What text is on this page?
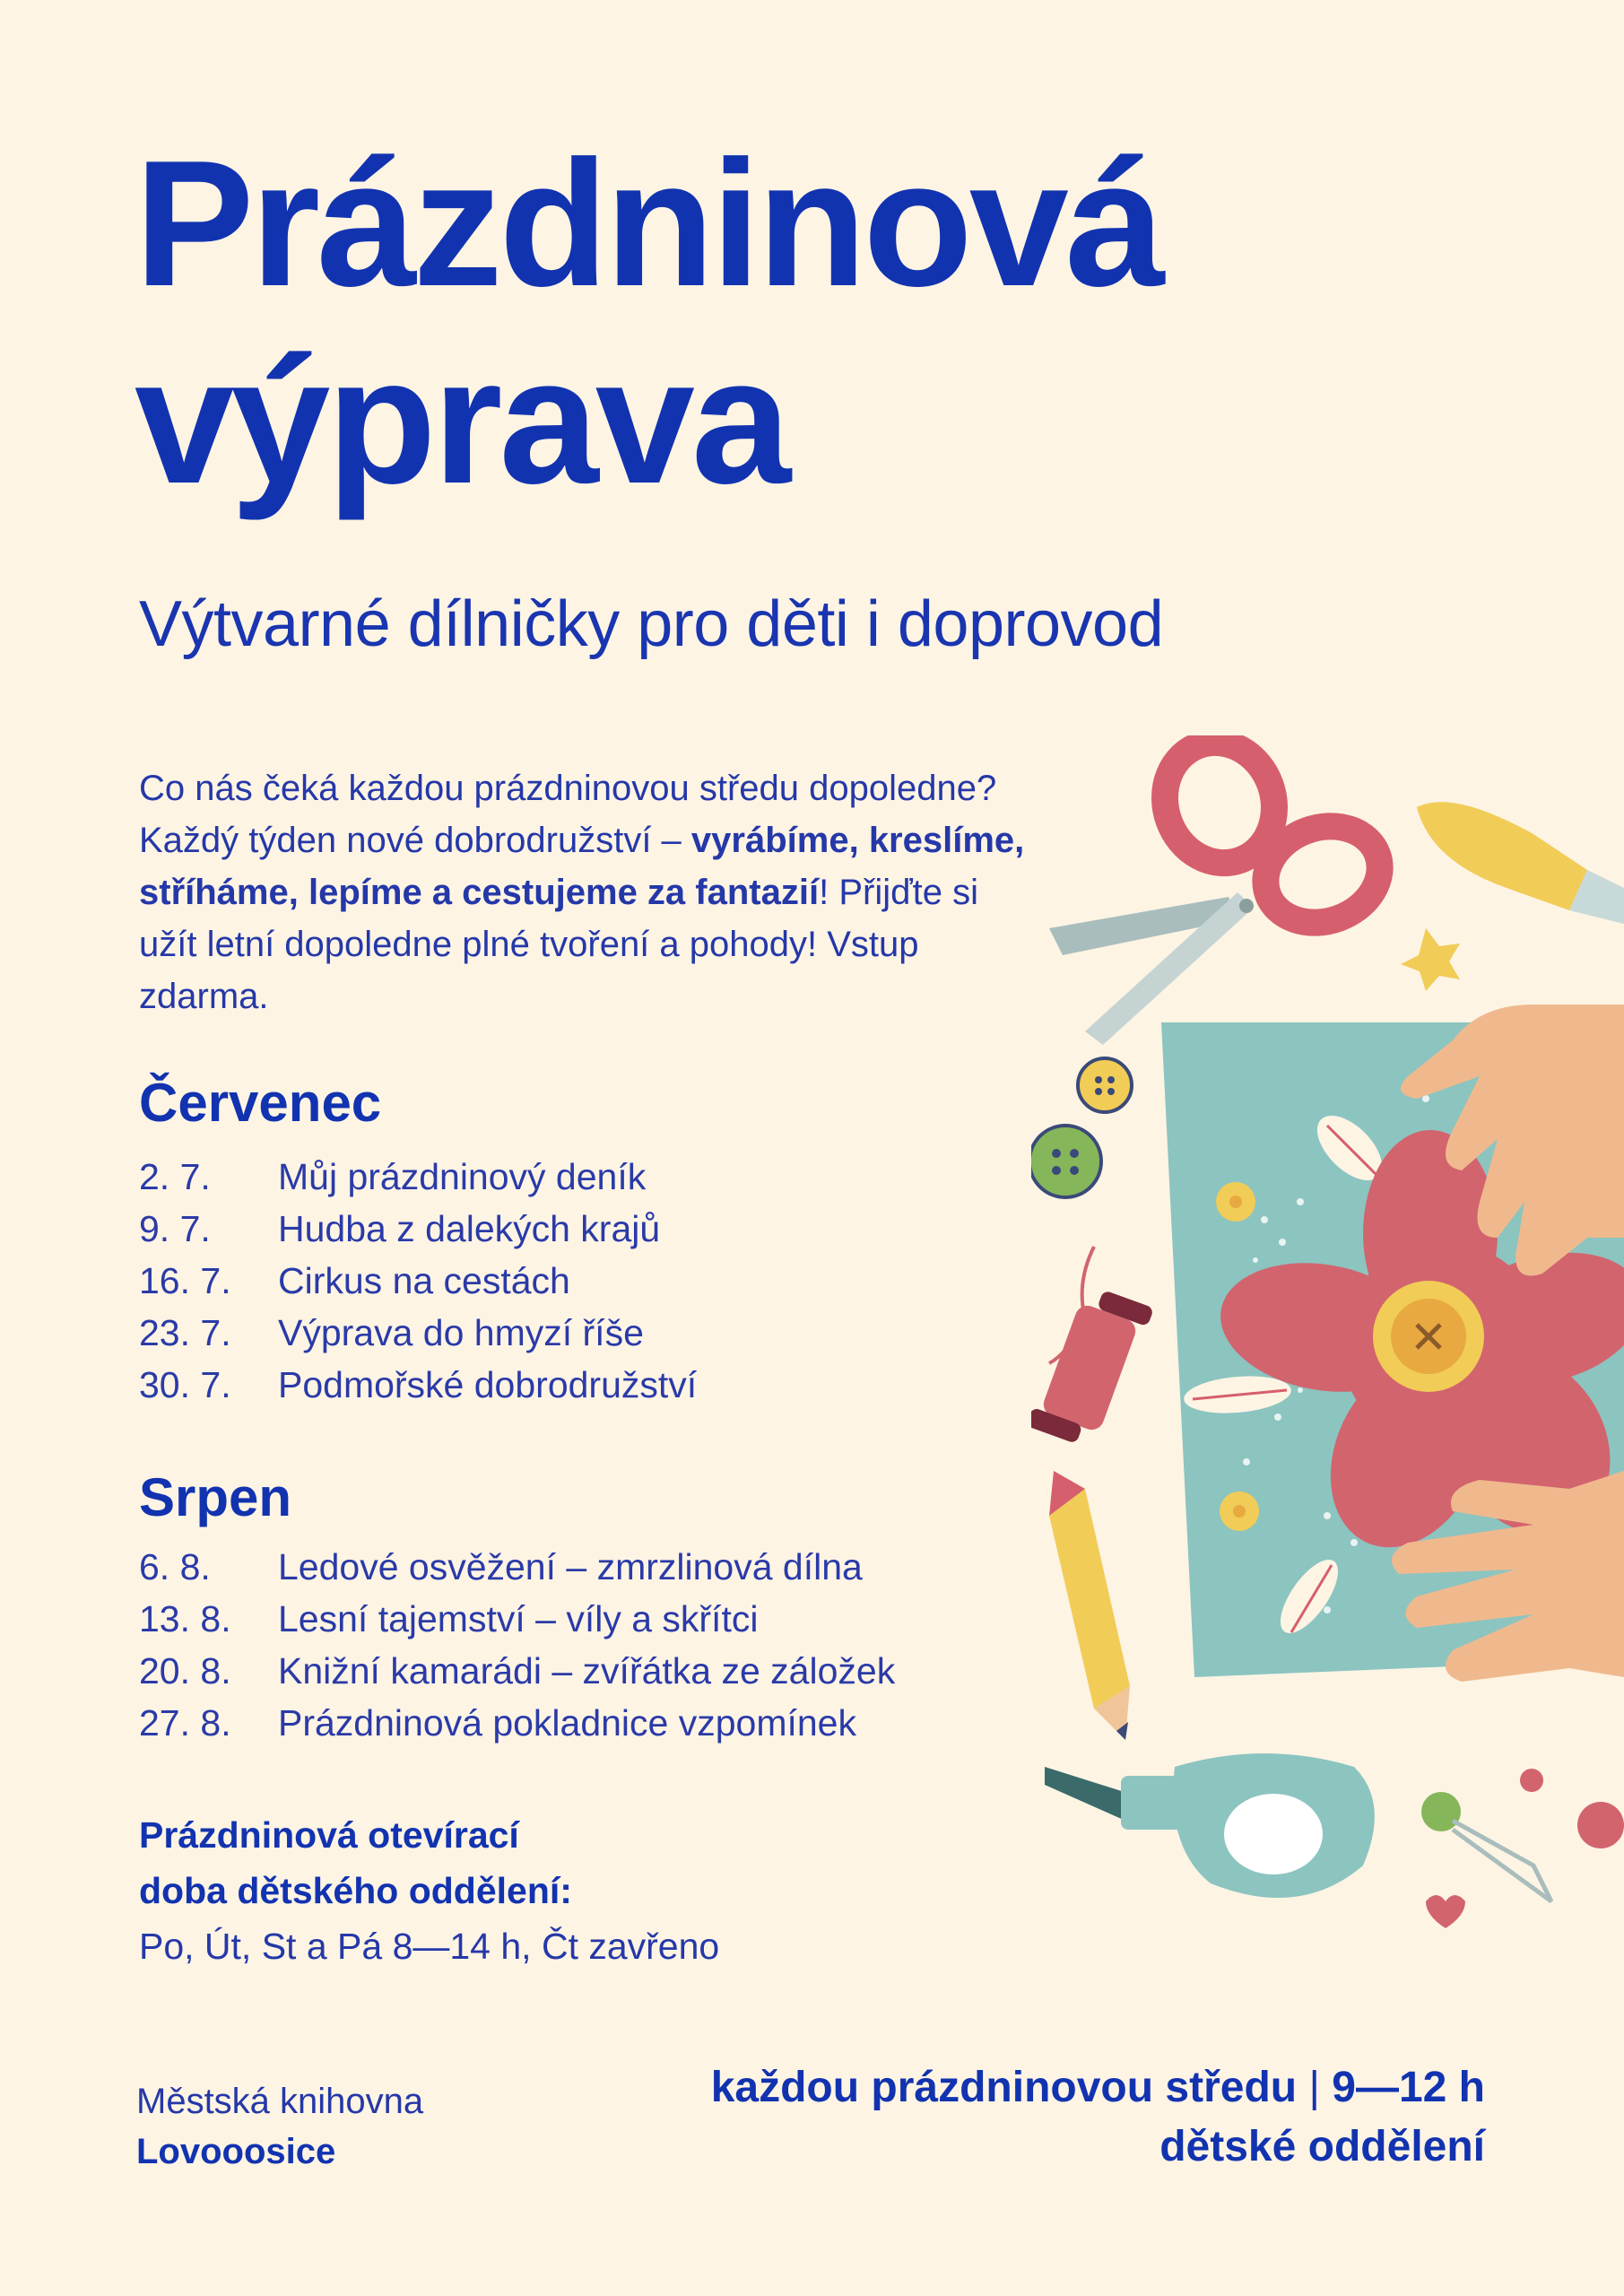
Prázdninová
výprava

Výtvarné dílničky pro děti i doprovod

Co nás čeká každou prázdninovou středu dopoledne? Každý týden nové dobrodružství – vyrábíme, kreslíme, stříháme, lepíme a cestujeme za fantazií! Přijďte si užít letní dopoledne plné tvoření a pohody! Vstup zdarma.
Červenec
2. 7.	Můj prázdninový deník
9. 7.	Hudba z dalekých krajů
16. 7.	Cirkus na cestách
23. 7.	Výprava do hmyzí říše
30. 7.	Podmořské dobrodružství
Srpen
6. 8.	Ledové osvěžení – zmrzlinová dílna
13. 8.	Lesní tajemství – víly a skřítci
20. 8.	Knižní kamarádi – zvířátka ze záložek
27. 8.	Prázdninová pokladnice vzpomínek
Prázdninová otevírací
doba dětského oddělení:
Po, Út, St a Pá 8—14 h, Čt zavřeno
Městská knihovna
Lovooosice
každou prázdninovou středu | 9—12 h
dětské oddělení
